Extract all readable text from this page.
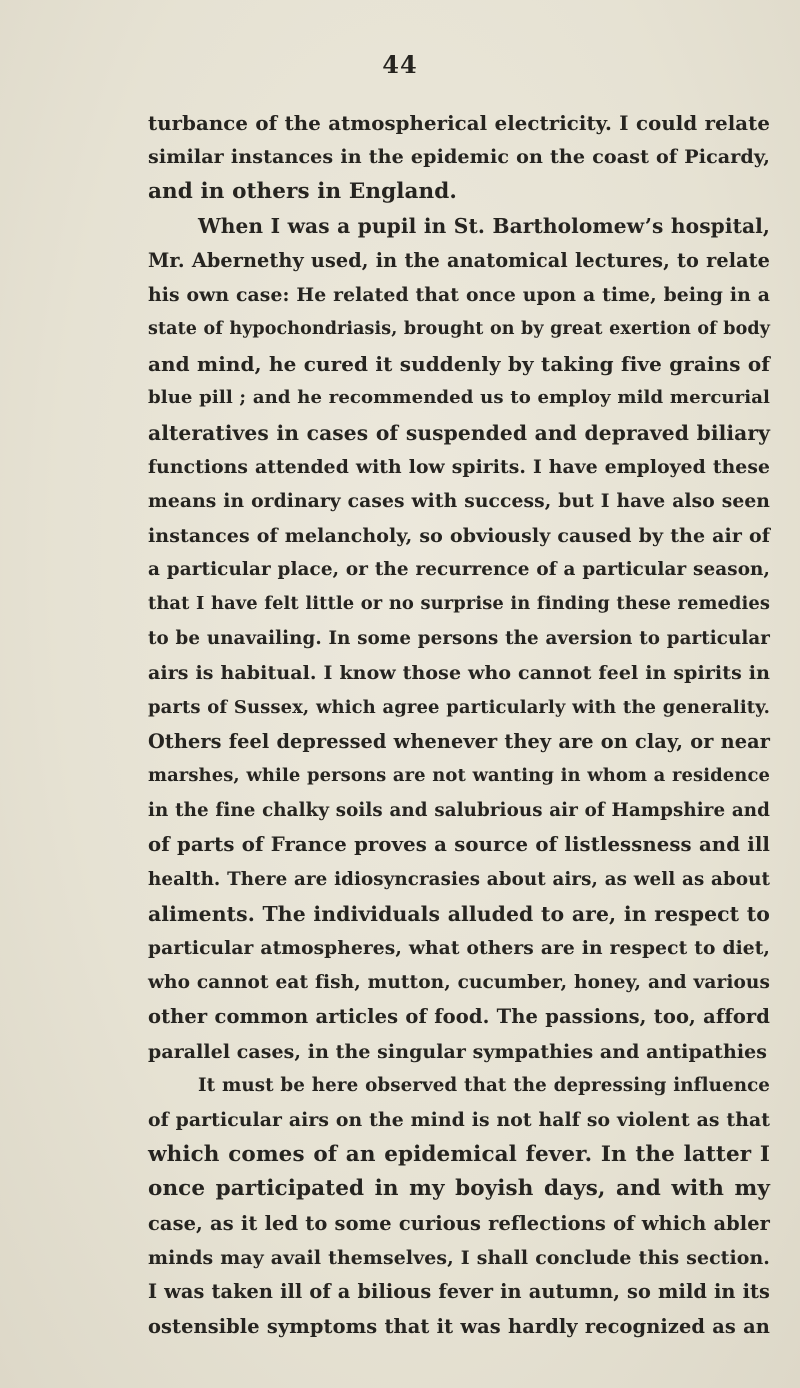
44
turbance of the atmospherical electricity. I could relate
similar instances in the epidemic on the coast of Picardy,
and in others in England.
When I was a pupil in St. Bartholomew’s hospital,
Mr. Abernethy used, in the anatomical lectures, to relate
his own case: He related that once upon a time, being in a
state of hypochondriasis, brought on by great exertion of body
and mind, he cured it suddenly by taking five grains of
blue pill ; and he recommended us to employ mild mercurial
alteratives in cases of suspended and depraved biliary
functions attended with low spirits. I have employed these
means in ordinary cases with success, but I have also seen
instances of melancholy, so obviously caused by the air of
a particular place, or the recurrence of a particular season,
that I have felt little or no surprise in finding these remedies
to be unavailing. In some persons the aversion to particular
airs is habitual. I know those who cannot feel in spirits in
parts of Sussex, which agree particularly with the generality.
Others feel depressed whenever they are on clay, or near
marshes, while persons are not wanting in whom a residence
in the fine chalky soils and salubrious air of Hampshire and
of parts of France proves a source of listlessness and ill
health. There are idiosyncrasies about airs, as well as about
aliments. The individuals alluded to are, in respect to
particular atmospheres, what others are in respect to diet,
who cannot eat fish, mutton, cucumber, honey, and various
other common articles of food. The passions, too, afford
parallel cases, in the singular sympathies and antipathies
It must be here observed that the depressing influence
of particular airs on the mind is not half so violent as that
which comes of an epidemical fever. In the latter I
once participated in my boyish days, and with my
case, as it led to some curious reflections of which abler
minds may avail themselves, I shall conclude this section.
I was taken ill of a bilious fever in autumn, so mild in its
ostensible symptoms that it was hardly recognized as an
